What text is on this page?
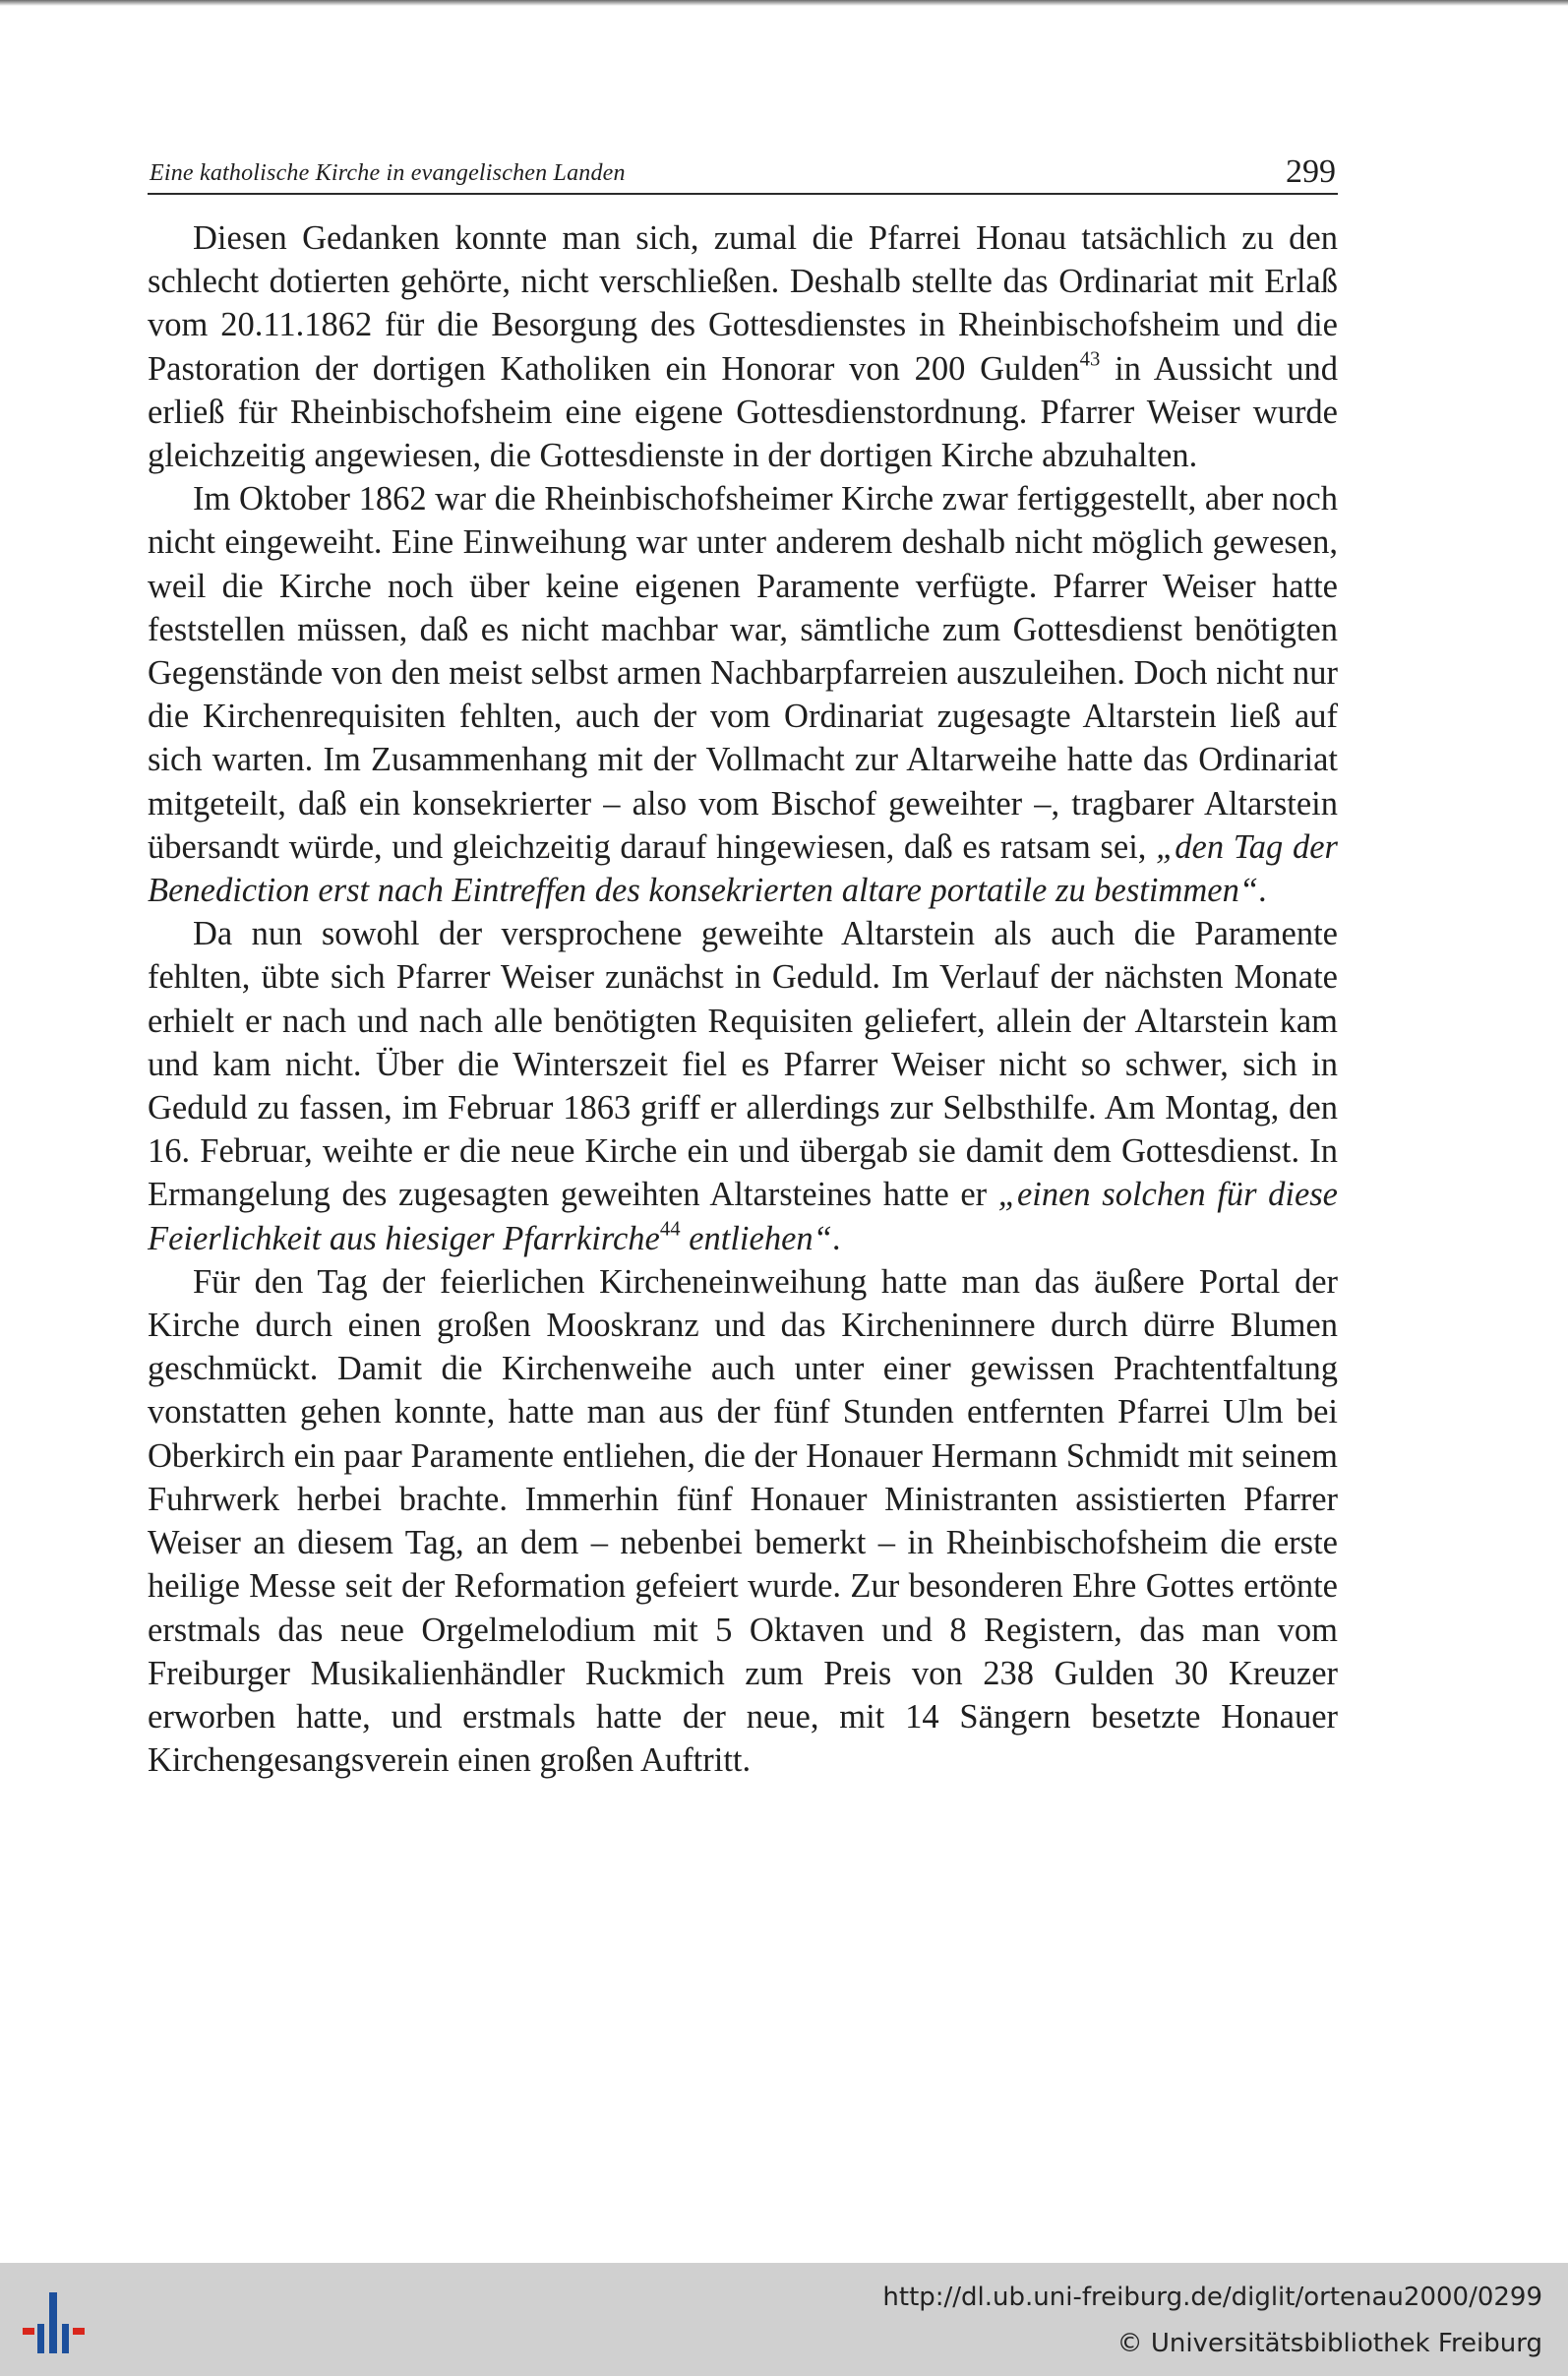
Eine katholische Kirche in evangelischen Landen	299

Diesen Gedanken konnte man sich, zumal die Pfarrei Honau tatsächlich zu den schlecht dotierten gehörte, nicht verschließen. Deshalb stellte das Ordinariat mit Erlaß vom 20.11.1862 für die Besorgung des Gottesdienstes in Rheinbischofsheim und die Pastoration der dortigen Katholiken ein Honorar von 200 Gulden$^{43}$ in Aussicht und erließ für Rheinbischofsheim eine eigene Gottesdienstordnung. Pfarrer Weiser wurde gleichzeitig angewiesen, die Gottesdienste in der dortigen Kirche abzuhalten.

Im Oktober 1862 war die Rheinbischofsheimer Kirche zwar fertiggestellt, aber noch nicht eingeweiht. Eine Einweihung war unter anderem deshalb nicht möglich gewesen, weil die Kirche noch über keine eigenen Paramente verfügte. Pfarrer Weiser hatte feststellen müssen, daß es nicht machbar war, sämtliche zum Gottesdienst benötigten Gegenstände von den meist selbst armen Nachbarpfarreien auszuleihen. Doch nicht nur die Kirchenrequisiten fehlten, auch der vom Ordinariat zugesagte Altarstein ließ auf sich warten. Im Zusammenhang mit der Vollmacht zur Altarweihe hatte das Ordinariat mitgeteilt, daß ein konsekrierter – also vom Bischof geweihter –, tragbarer Altarstein übersandt würde, und gleichzeitig darauf hingewiesen, daß es ratsam sei, „den Tag der Benediction erst nach Eintreffen des konsekrierten altare portatile zu bestimmen“.

Da nun sowohl der versprochene geweihte Altarstein als auch die Paramente fehlten, übte sich Pfarrer Weiser zunächst in Geduld. Im Verlauf der nächsten Monate erhielt er nach und nach alle benötigten Requisiten geliefert, allein der Altarstein kam und kam nicht. Über die Winterszeit fiel es Pfarrer Weiser nicht so schwer, sich in Geduld zu fassen, im Februar 1863 griff er allerdings zur Selbsthilfe. Am Montag, den 16. Februar, weihte er die neue Kirche ein und übergab sie damit dem Gottesdienst. In Ermangelung des zugesagten geweihten Altarsteines hatte er „einen solchen für diese Feierlichkeit aus hiesiger Pfarrkirche$^{44}$ entliehen“.

Für den Tag der feierlichen Kircheneinweihung hatte man das äußere Portal der Kirche durch einen großen Mooskranz und das Kircheninnere durch dürre Blumen geschmückt. Damit die Kirchenweihe auch unter einer gewissen Prachtentfaltung vonstatten gehen konnte, hatte man aus der fünf Stunden entfernten Pfarrei Ulm bei Oberkirch ein paar Paramente entliehen, die der Honauer Hermann Schmidt mit seinem Fuhrwerk herbei brachte. Immerhin fünf Honauer Ministranten assistierten Pfarrer Weiser an diesem Tag, an dem – nebenbei bemerkt – in Rheinbischofsheim die erste heilige Messe seit der Reformation gefeiert wurde. Zur besonderen Ehre Gottes ertönte erstmals das neue Orgelmelodium mit 5 Oktaven und 8 Registern, das man vom Freiburger Musikalienhändler Ruckmich zum Preis von 238 Gulden 30 Kreuzer erworben hatte, und erstmals hatte der neue, mit 14 Sängern besetzte Honauer Kirchengesangsverein einen großen Auftritt.

http://dl.ub.uni-freiburg.de/diglit/ortenau2000/0299
© Universitätsbibliothek Freiburg
